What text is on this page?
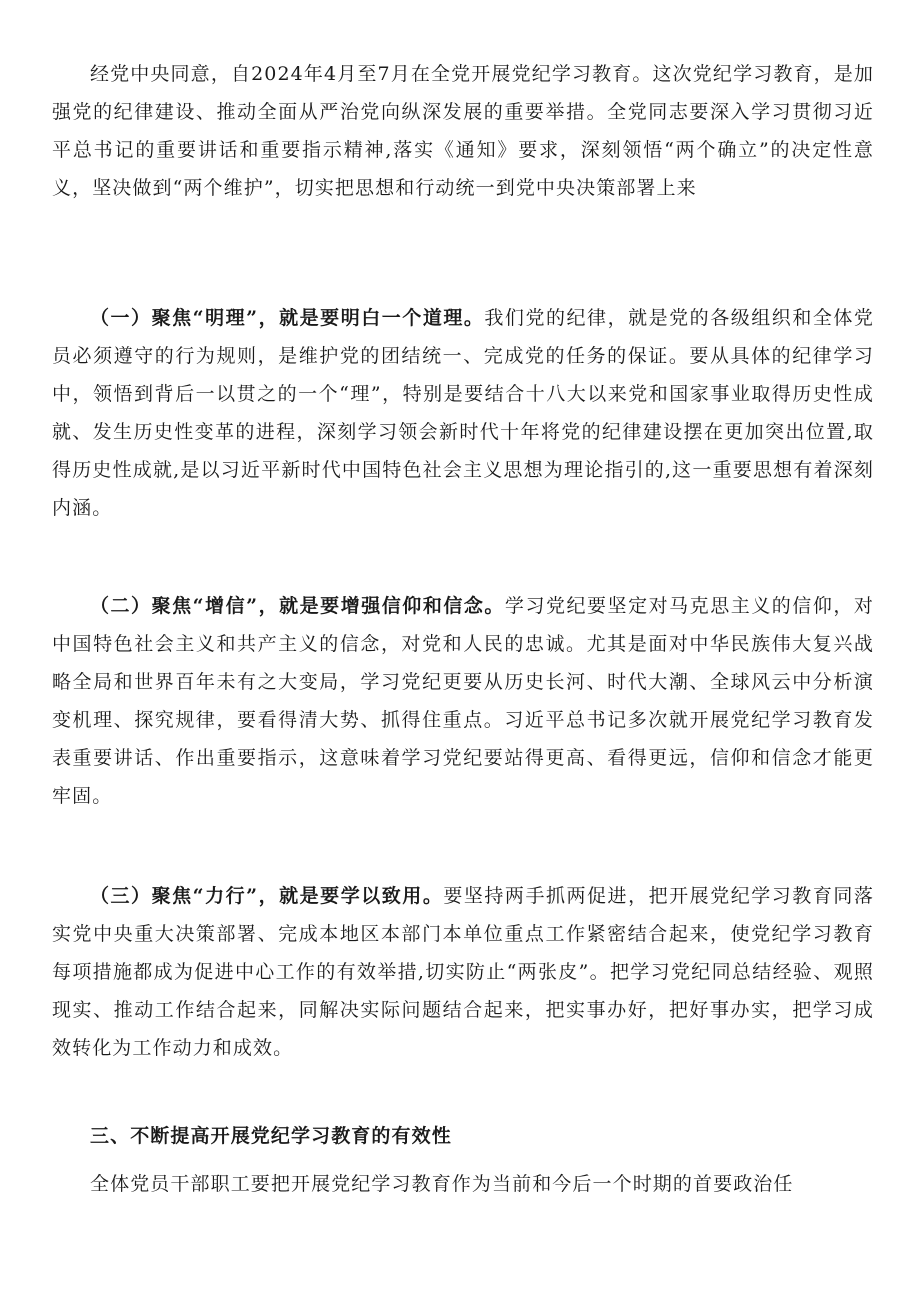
经党中央同意，自2024年4月至7月在全党开展党纪学习教育。这次党纪学习教育，是加强党的纪律建设、推动全面从严治党向纵深发展的重要举措。全党同志要深入学习贯彻习近平总书记的重要讲话和重要指示精神,落实《通知》要求，深刻领悟“两个确立”的决定性意义，坚决做到“两个维护”，切实把思想和行动统一到党中央决策部署上来

（一）聚焦“明理”，就是要明白一个道理。我们党的纪律，就是党的各级组织和全体党员必须遵守的行为规则，是维护党的团结统一、完成党的任务的保证。要从具体的纪律学习中，领悟到背后一以贯之的一个“理”，特别是要结合十八大以来党和国家事业取得历史性成就、发生历史性变革的进程，深刻学习领会新时代十年将党的纪律建设摆在更加突出位置,取得历史性成就,是以习近平新时代中国特色社会主义思想为理论指引的,这一重要思想有着深刻内涵。

（二）聚焦“增信”，就是要增强信仰和信念。学习党纪要坚定对马克思主义的信仰，对中国特色社会主义和共产主义的信念，对党和人民的忠诚。尤其是面对中华民族伟大复兴战略全局和世界百年未有之大变局，学习党纪更要从历史长河、时代大潮、全球风云中分析演变机理、探究规律，要看得清大势、抓得住重点。习近平总书记多次就开展党纪学习教育发表重要讲话、作出重要指示，这意味着学习党纪要站得更高、看得更远，信仰和信念才能更牢固。

（三）聚焦“力行”，就是要学以致用。要坚持两手抓两促进，把开展党纪学习教育同落实党中央重大决策部署、完成本地区本部门本单位重点工作紧密结合起来，使党纪学习教育每项措施都成为促进中心工作的有效举措,切实防止“两张皮”。把学习党纪同总结经验、观照现实、推动工作结合起来，同解决实际问题结合起来，把实事办好，把好事办实，把学习成效转化为工作动力和成效。

三、不断提高开展党纪学习教育的有效性

全体党员干部职工要把开展党纪学习教育作为当前和今后一个时期的首要政治任
